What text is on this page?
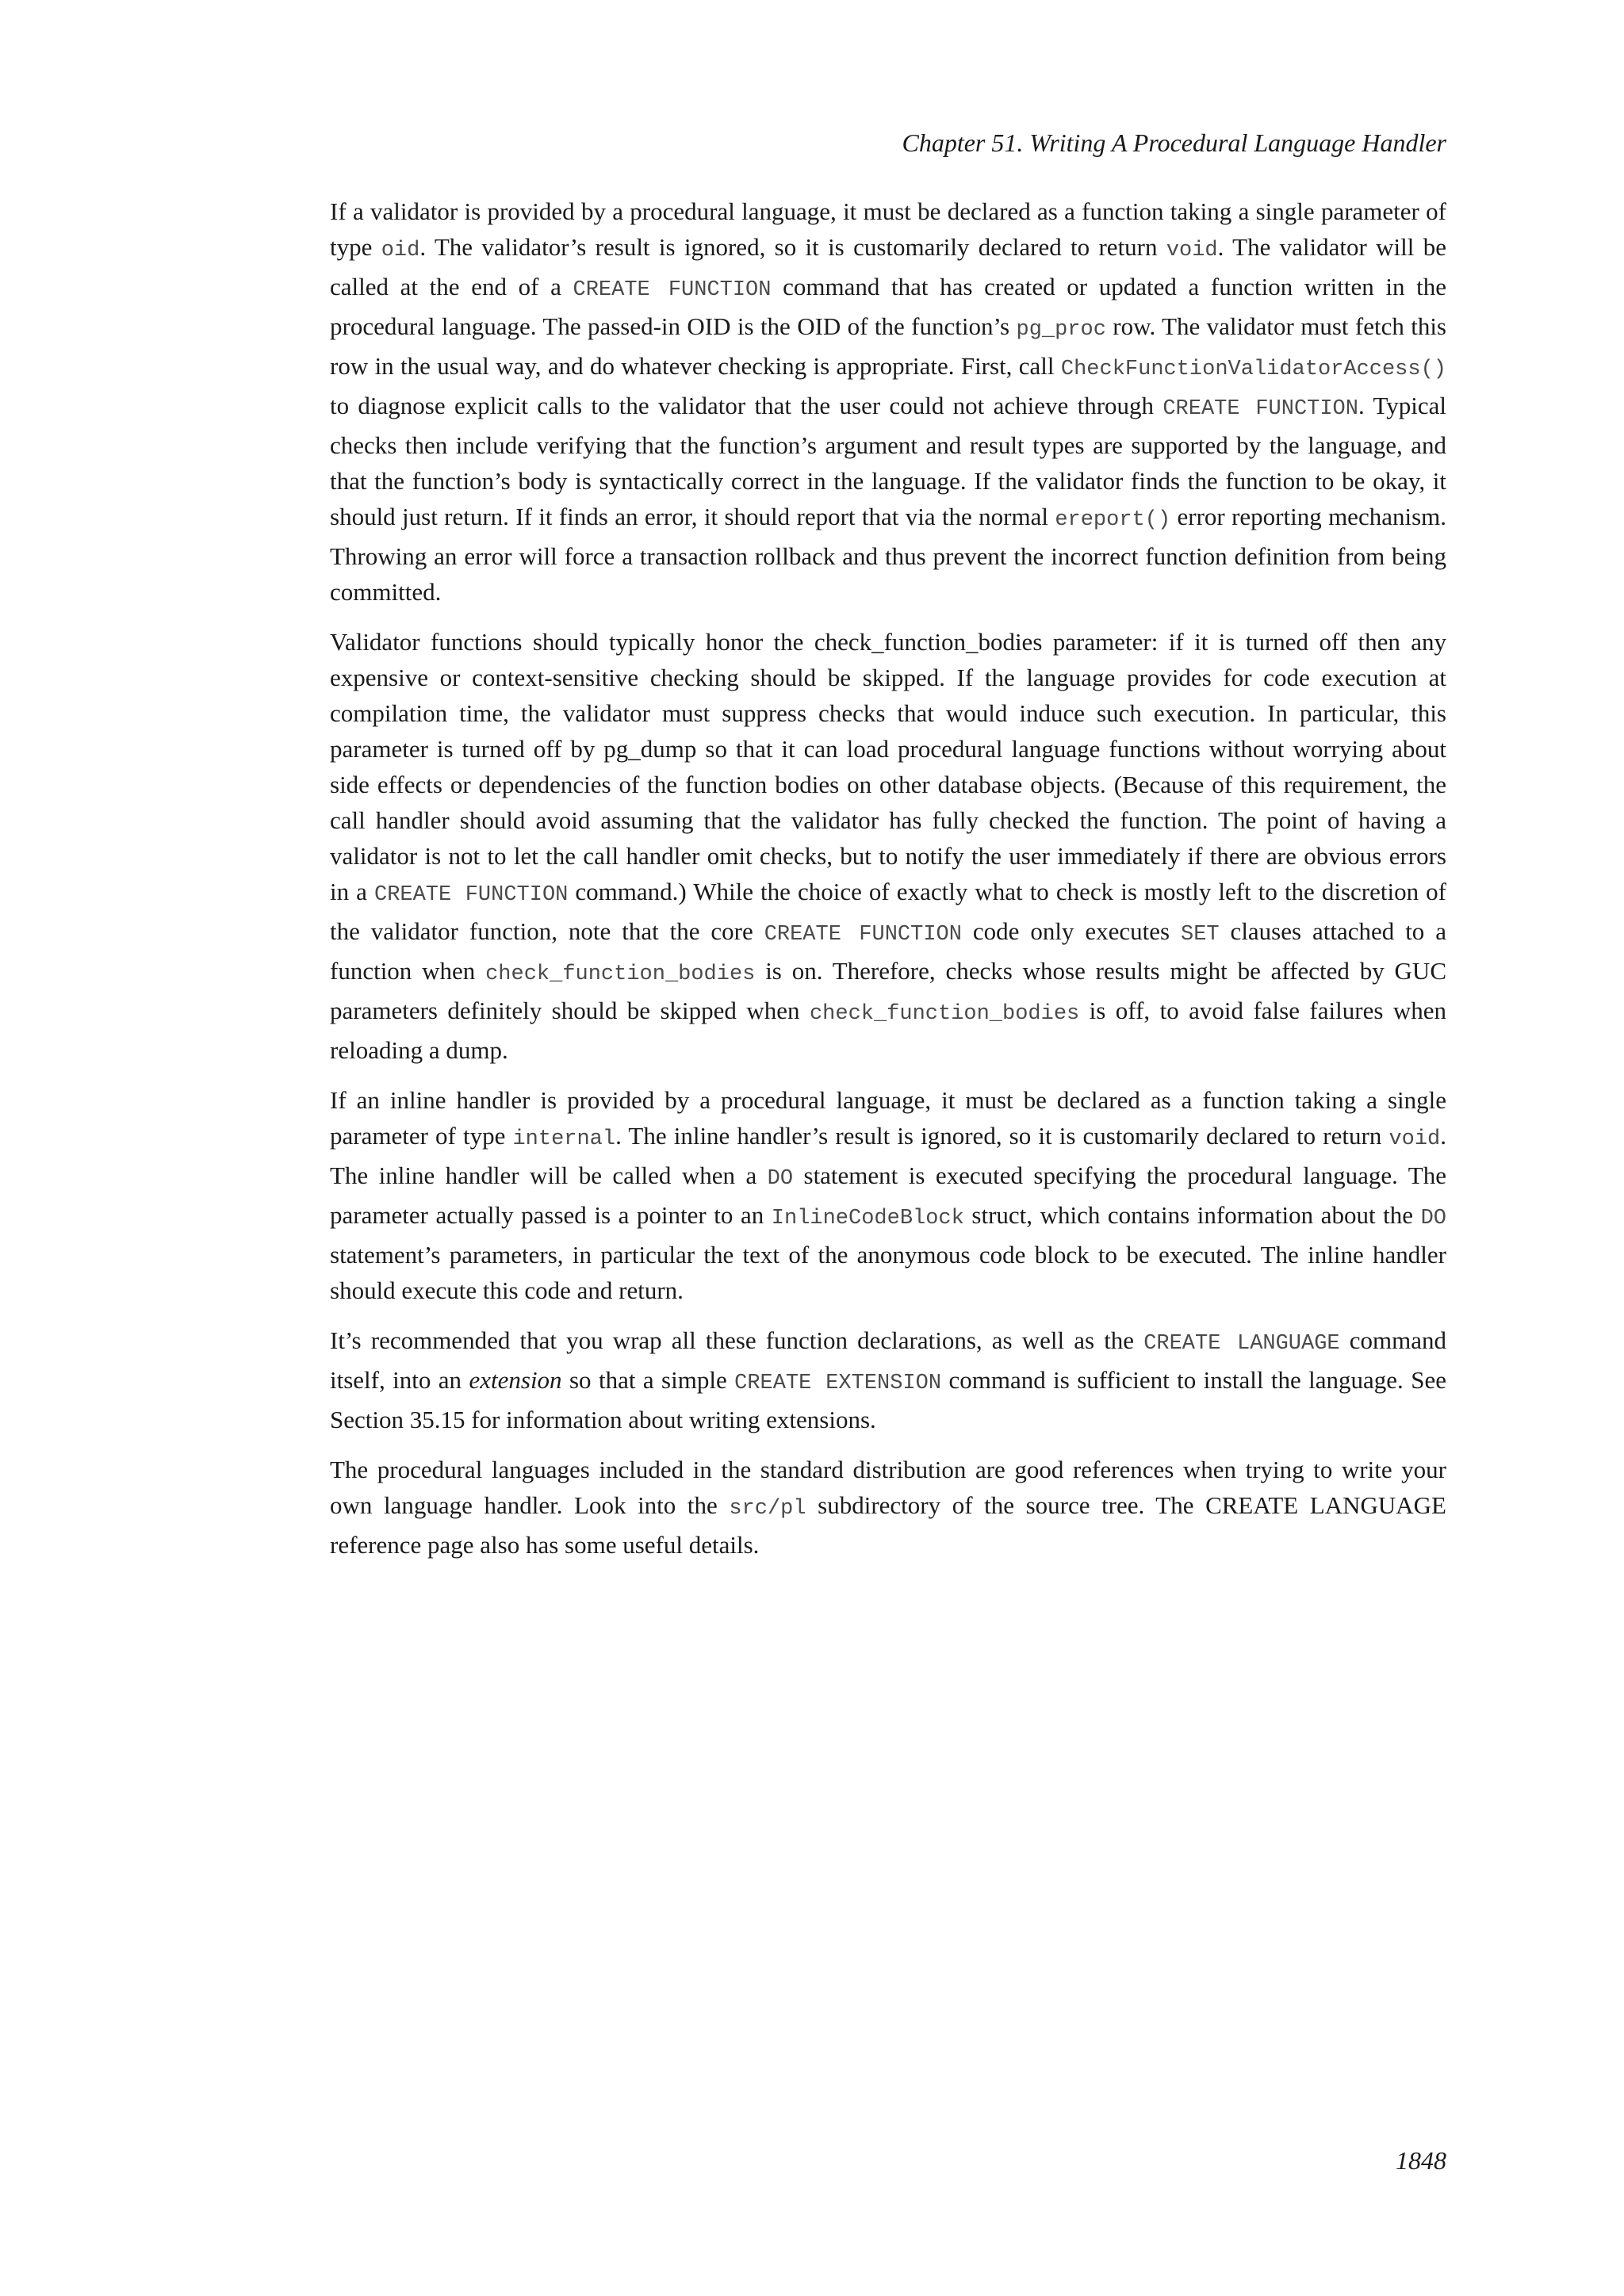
Chapter 51. Writing A Procedural Language Handler

If a validator is provided by a procedural language, it must be declared as a function taking a single parameter of type oid. The validator’s result is ignored, so it is customarily declared to return void. The validator will be called at the end of a CREATE FUNCTION command that has created or updated a function written in the procedural language. The passed-in OID is the OID of the function’s pg_proc row. The validator must fetch this row in the usual way, and do whatever checking is appropriate. First, call CheckFunctionValidatorAccess() to diagnose explicit calls to the validator that the user could not achieve through CREATE FUNCTION. Typical checks then include verifying that the function’s argument and result types are supported by the language, and that the function’s body is syntactically correct in the language. If the validator finds the function to be okay, it should just return. If it finds an error, it should report that via the normal ereport() error reporting mechanism. Throwing an error will force a transaction rollback and thus prevent the incorrect function definition from being committed.

Validator functions should typically honor the check_function_bodies parameter: if it is turned off then any expensive or context-sensitive checking should be skipped. If the language provides for code execution at compilation time, the validator must suppress checks that would induce such execution. In particular, this parameter is turned off by pg_dump so that it can load procedural language functions without worrying about side effects or dependencies of the function bodies on other database objects. (Because of this requirement, the call handler should avoid assuming that the validator has fully checked the function. The point of having a validator is not to let the call handler omit checks, but to notify the user immediately if there are obvious errors in a CREATE FUNCTION command.) While the choice of exactly what to check is mostly left to the discretion of the validator function, note that the core CREATE FUNCTION code only executes SET clauses attached to a function when check_function_bodies is on. Therefore, checks whose results might be affected by GUC parameters definitely should be skipped when check_function_bodies is off, to avoid false failures when reloading a dump.

If an inline handler is provided by a procedural language, it must be declared as a function taking a single parameter of type internal. The inline handler’s result is ignored, so it is customarily declared to return void. The inline handler will be called when a DO statement is executed specifying the procedural language. The parameter actually passed is a pointer to an InlineCodeBlock struct, which contains information about the DO statement’s parameters, in particular the text of the anonymous code block to be executed. The inline handler should execute this code and return.

It’s recommended that you wrap all these function declarations, as well as the CREATE LANGUAGE command itself, into an extension so that a simple CREATE EXTENSION command is sufficient to install the language. See Section 35.15 for information about writing extensions.

The procedural languages included in the standard distribution are good references when trying to write your own language handler. Look into the src/pl subdirectory of the source tree. The CREATE LANGUAGE reference page also has some useful details.

1848
